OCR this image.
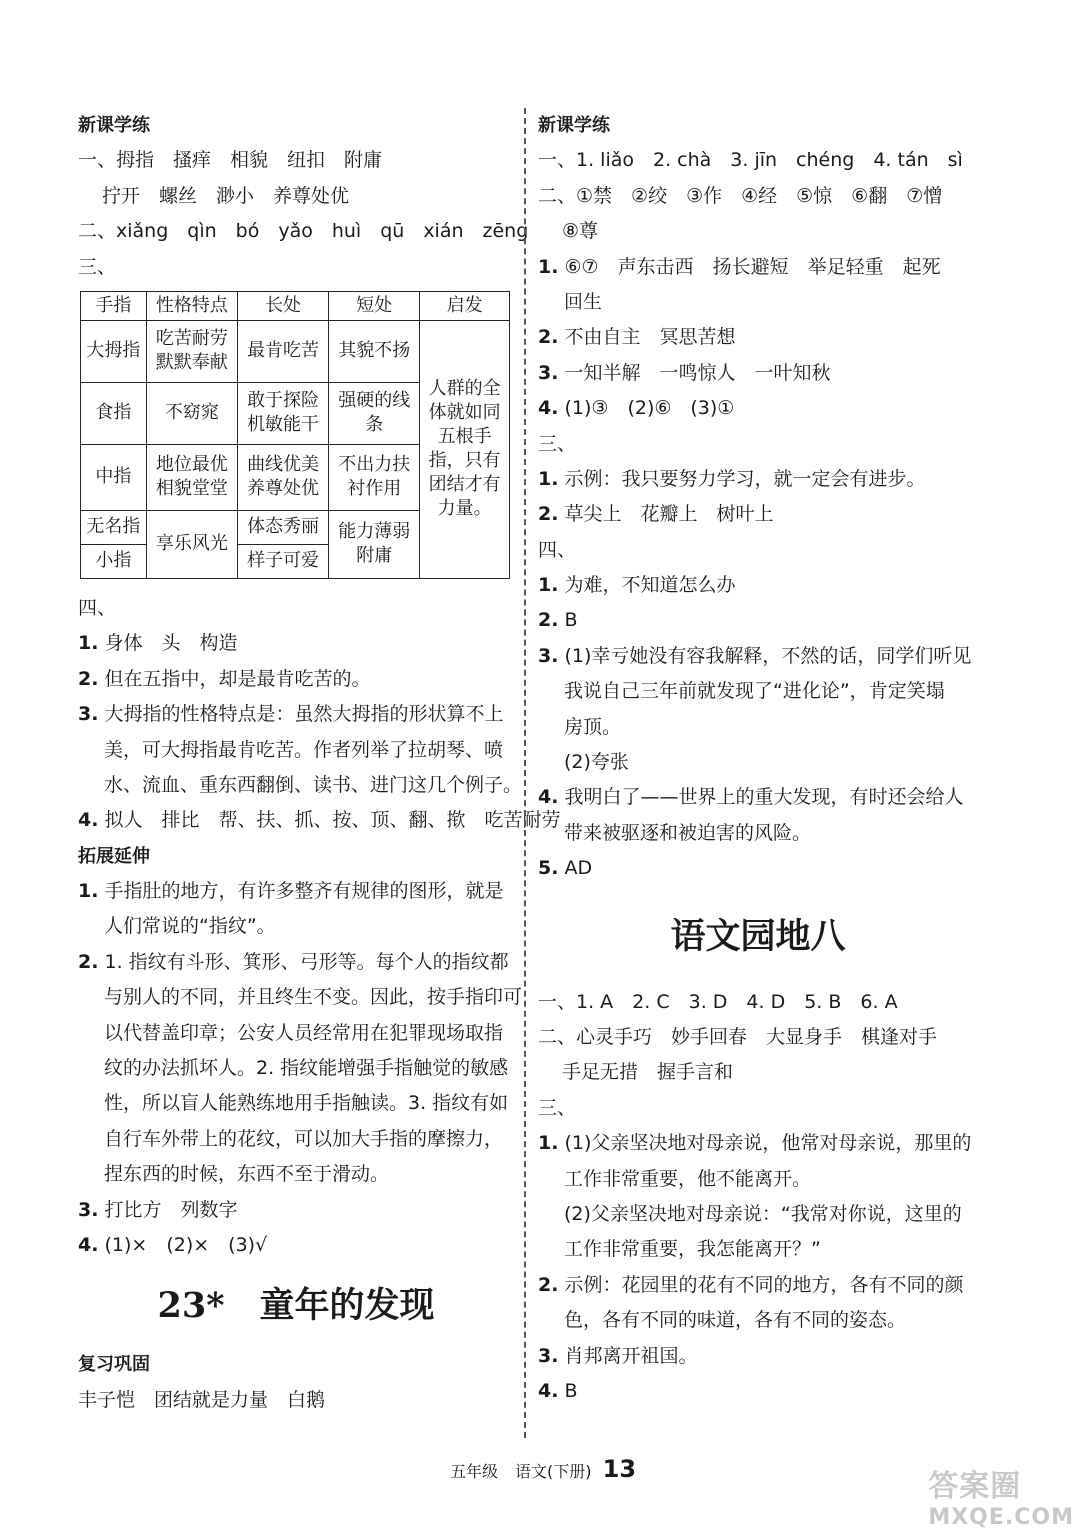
新课学练
一、拇指　搔痒　相貌　纽扣　附庸
拧开　螺丝　渺小　养尊处优
二、xiǎng　qìn　bó　yǎo　huì　qū　xián　zēng
三、
手指	性格特点	长处	短处	启发
大拇指	吃苦耐劳默默奉献	最肯吃苦	其貌不扬	人群的全体就如同五根手指，只有团结才有力量。
食指	不窈窕	敢于探险机敏能干	强硬的线条	
中指	地位最优相貌堂堂	曲线优美养尊处优	不出力扶衬作用	
无名指	享乐风光	体态秀丽	能力薄弱附庸	
小指		样子可爱		
四、
1. 身体　头　构造
2. 但在五指中，却是最肯吃苦的。
3. 大拇指的性格特点是：虽然大拇指的形状算不上
美，可大拇指最肯吃苦。作者列举了拉胡琴、喷
水、流血、重东西翻倒、读书、进门这几个例子。
4. 拟人　排比　帮、扶、抓、按、顶、翻、揿　吃苦耐劳
拓展延伸
1. 手指肚的地方，有许多整齐有规律的图形，就是
人们常说的“指纹”。
2. 1. 指纹有斗形、箕形、弓形等。每个人的指纹都
与别人的不同，并且终生不变。因此，按手指印可
以代替盖印章；公安人员经常用在犯罪现场取指
纹的办法抓坏人。2. 指纹能增强手指触觉的敏感
性，所以盲人能熟练地用手指触读。3. 指纹有如
自行车外带上的花纹，可以加大手指的摩擦力，
捏东西的时候，东西不至于滑动。
3. 打比方　列数字
4. (1)×　(2)×　(3)√
23*　童年的发现
复习巩固
丰子恺　团结就是力量　白鹅
新课学练
一、1. liǎo　2. chà　3. jīn　chéng　4. tán　sì
二、①禁　②绞　③作　④经　⑤惊　⑥翻　⑦憎
⑧尊
1. ⑥⑦　声东击西　扬长避短　举足轻重　起死
回生
2. 不由自主　冥思苦想
3. 一知半解　一鸣惊人　一叶知秋
4. (1)③　(2)⑥　(3)①
三、
1. 示例：我只要努力学习，就一定会有进步。
2. 草尖上　花瓣上　树叶上
四、
1. 为难，不知道怎么办
2. B
3. (1)幸亏她没有容我解释，不然的话，同学们听见
我说自己三年前就发现了“进化论”，肯定笑塌
房顶。
(2)夸张
4. 我明白了——世界上的重大发现，有时还会给人
带来被驱逐和被迫害的风险。
5. AD
语文园地八
一、1. A　2. C　3. D　4. D　5. B　6. A
二、心灵手巧　妙手回春　大显身手　棋逢对手
手足无措　握手言和
三、
1. (1)父亲坚决地对母亲说，他常对母亲说，那里的
工作非常重要，他不能离开。
(2)父亲坚决地对母亲说：“我常对你说，这里的
工作非常重要，我怎能离开？”
2. 示例：花园里的花有不同的地方，各有不同的颜
色，各有不同的味道，各有不同的姿态。
3. 肖邦离开祖国。
4. B
五年级 语文(下册) 13	答案圈
MXQE.COM
